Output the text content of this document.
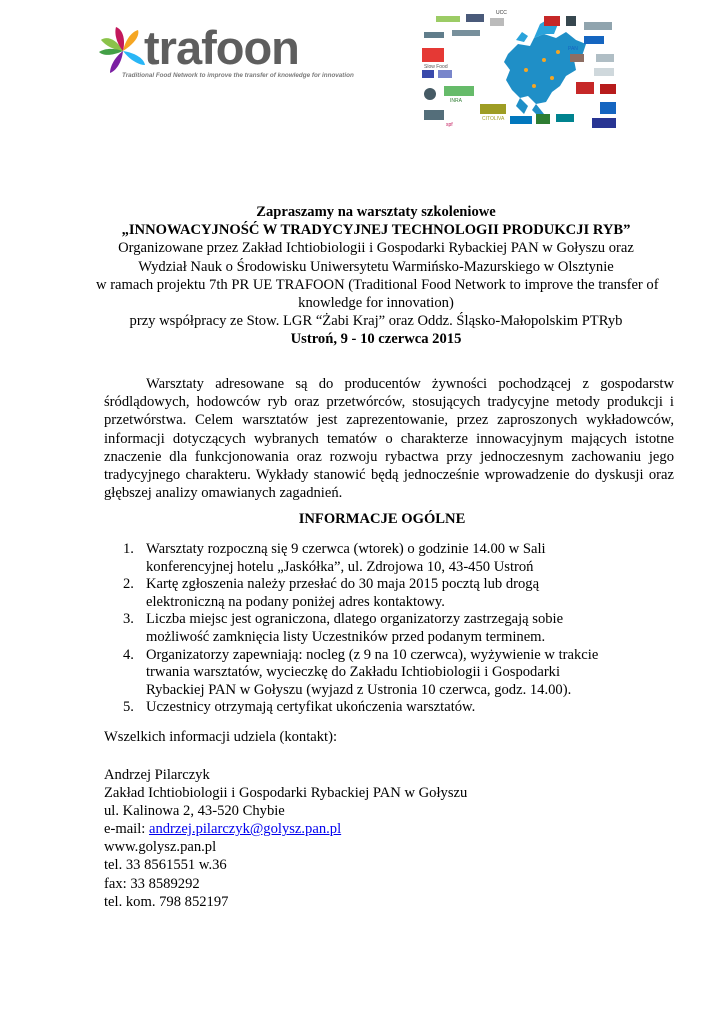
trafoon
Traditional Food Network to improve the transfer of knowledge for innovation
UCC
Slow Food
INRA
CITOLIVA
PAN
spf
Zapraszamy na warsztaty szkoleniowe
„INNOWACYJNOŚĆ W TRADYCYJNEJ TECHNOLOGII PRODUKCJI RYB”
Organizowane przez Zakład Ichtiobiologii i Gospodarki Rybackiej PAN w Gołyszu oraz
Wydział Nauk o Środowisku Uniwersytetu Warmińsko-Mazurskiego w Olsztynie
w ramach projektu 7th PR UE TRAFOON (Traditional Food Network to improve the transfer of
knowledge for innovation)
przy współpracy ze Stow. LGR “Żabi Kraj” oraz Oddz. Śląsko-Małopolskim PTRyb
Ustroń, 9 - 10 czerwca 2015
Warsztaty adresowane są do producentów żywności pochodzącej z gospodarstw śródlądowych, hodowców ryb oraz przetwórców, stosujących tradycyjne metody produkcji i przetwórstwa. Celem warsztatów jest zaprezentowanie, przez zaproszonych wykładowców, informacji dotyczących wybranych tematów o charakterze innowacyjnym mających istotne znaczenie dla funkcjonowania oraz rozwoju rybactwa przy jednoczesnym zachowaniu jego tradycyjnego charakteru. Wykłady stanowić będą jednocześnie wprowadzenie do dyskusji oraz głębszej analizy omawianych zagadnień.
INFORMACJE OGÓLNE
1. Warsztaty rozpoczną się 9 czerwca (wtorek) o godzinie 14.00 w Sali
konferencyjnej hotelu „Jaskółka”, ul. Zdrojowa 10, 43-450 Ustroń
2. Kartę zgłoszenia należy przesłać do 30 maja 2015 pocztą lub drogą
elektroniczną na podany poniżej adres kontaktowy.
3. Liczba miejsc jest ograniczona, dlatego organizatorzy zastrzegają sobie
możliwość zamknięcia listy Uczestników przed podanym terminem.
4. Organizatorzy zapewniają: nocleg (z 9 na 10 czerwca), wyżywienie w trakcie
trwania warsztatów, wycieczkę do Zakładu Ichtiobiologii i Gospodarki
Rybackiej PAN w Gołyszu (wyjazd z Ustronia 10 czerwca, godz. 14.00).
5. Uczestnicy otrzymają certyfikat ukończenia warsztatów.
Wszelkich informacji udziela (kontakt):
Andrzej Pilarczyk
Zakład Ichtiobiologii i Gospodarki Rybackiej PAN w Gołyszu
ul. Kalinowa 2, 43-520 Chybie
e-mail: andrzej.pilarczyk@golysz.pan.pl
www.golysz.pan.pl
tel. 33 8561551 w.36
fax: 33 8589292
tel. kom. 798 852197
